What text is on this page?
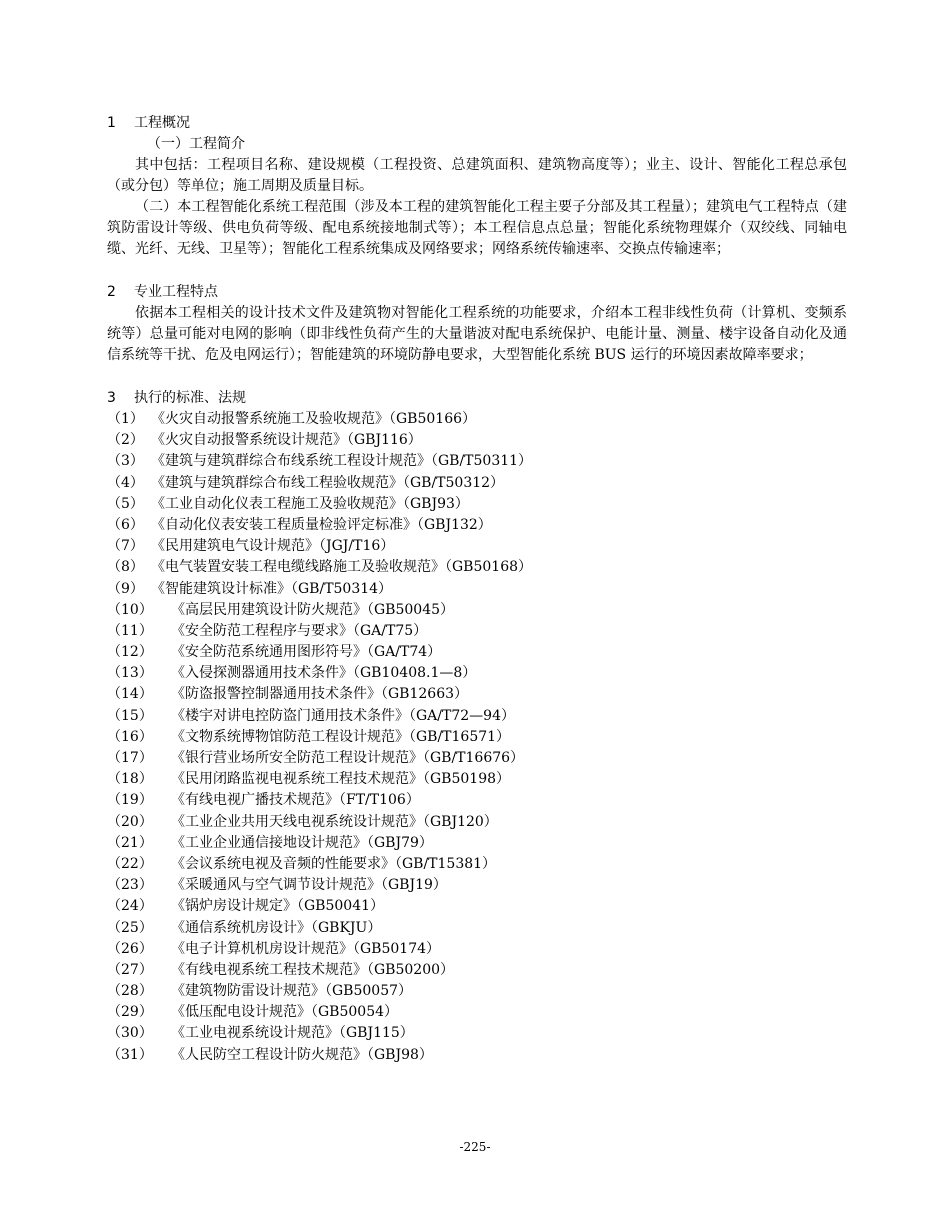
1 工程概况
（一）工程简介
其中包括：工程项目名称、建设规模（工程投资、总建筑面积、建筑物高度等）；业主、设计、智能化工程总承包（或分包）等单位；施工周期及质量目标。
（二）本工程智能化系统工程范围（涉及本工程的建筑智能化工程主要子分部及其工程量）；建筑电气工程特点（建筑防雷设计等级、供电负荷等级、配电系统接地制式等）；本工程信息点总量；智能化系统物理媒介（双绞线、同轴电缆、光纤、无线、卫星等）；智能化工程系统集成及网络要求；网络系统传输速率、交换点传输速率；
2 专业工程特点
依据本工程相关的设计技术文件及建筑物对智能化工程系统的功能要求，介绍本工程非线性负荷（计算机、变频系统等）总量可能对电网的影响（即非线性负荷产生的大量谐波对配电系统保护、电能计量、测量、楼宇设备自动化及通信系统等干扰、危及电网运行）；智能建筑的环境防静电要求，大型智能化系统 BUS 运行的环境因素故障率要求；
3 执行的标准、法规
（1） 《火灾自动报警系统施工及验收规范》（GB50166）
（2） 《火灾自动报警系统设计规范》（GBJ116）
（3） 《建筑与建筑群综合布线系统工程设计规范》（GB/T50311）
（4） 《建筑与建筑群综合布线工程验收规范》（GB/T50312）
（5） 《工业自动化仪表工程施工及验收规范》（GBJ93）
（6） 《自动化仪表安装工程质量检验评定标准》（GBJ132）
（7） 《民用建筑电气设计规范》（JGJ/T16）
（8） 《电气装置安装工程电缆线路施工及验收规范》（GB50168）
（9） 《智能建筑设计标准》（GB/T50314）
（10） 《高层民用建筑设计防火规范》（GB50045）
（11） 《安全防范工程程序与要求》（GA/T75）
（12） 《安全防范系统通用图形符号》（GA/T74）
（13） 《入侵探测器通用技术条件》（GB10408.1—8）
（14） 《防盗报警控制器通用技术条件》（GB12663）
（15） 《楼宇对讲电控防盗门通用技术条件》（GA/T72—94）
（16） 《文物系统博物馆防范工程设计规范》（GB/T16571）
（17） 《银行营业场所安全防范工程设计规范》（GB/T16676）
（18） 《民用闭路监视电视系统工程技术规范》（GB50198）
（19） 《有线电视广播技术规范》（FT/T106）
（20） 《工业企业共用天线电视系统设计规范》（GBJ120）
（21） 《工业企业通信接地设计规范》（GBJ79）
（22） 《会议系统电视及音频的性能要求》（GB/T15381）
（23） 《采暖通风与空气调节设计规范》（GBJ19）
（24） 《锅炉房设计规定》（GB50041）
（25） 《通信系统机房设计》（GBKJU）
（26） 《电子计算机机房设计规范》（GB50174）
（27） 《有线电视系统工程技术规范》（GB50200）
（28） 《建筑物防雷设计规范》（GB50057）
（29） 《低压配电设计规范》（GB50054）
（30） 《工业电视系统设计规范》（GBJ115）
（31） 《人民防空工程设计防火规范》（GBJ98）
-225-
